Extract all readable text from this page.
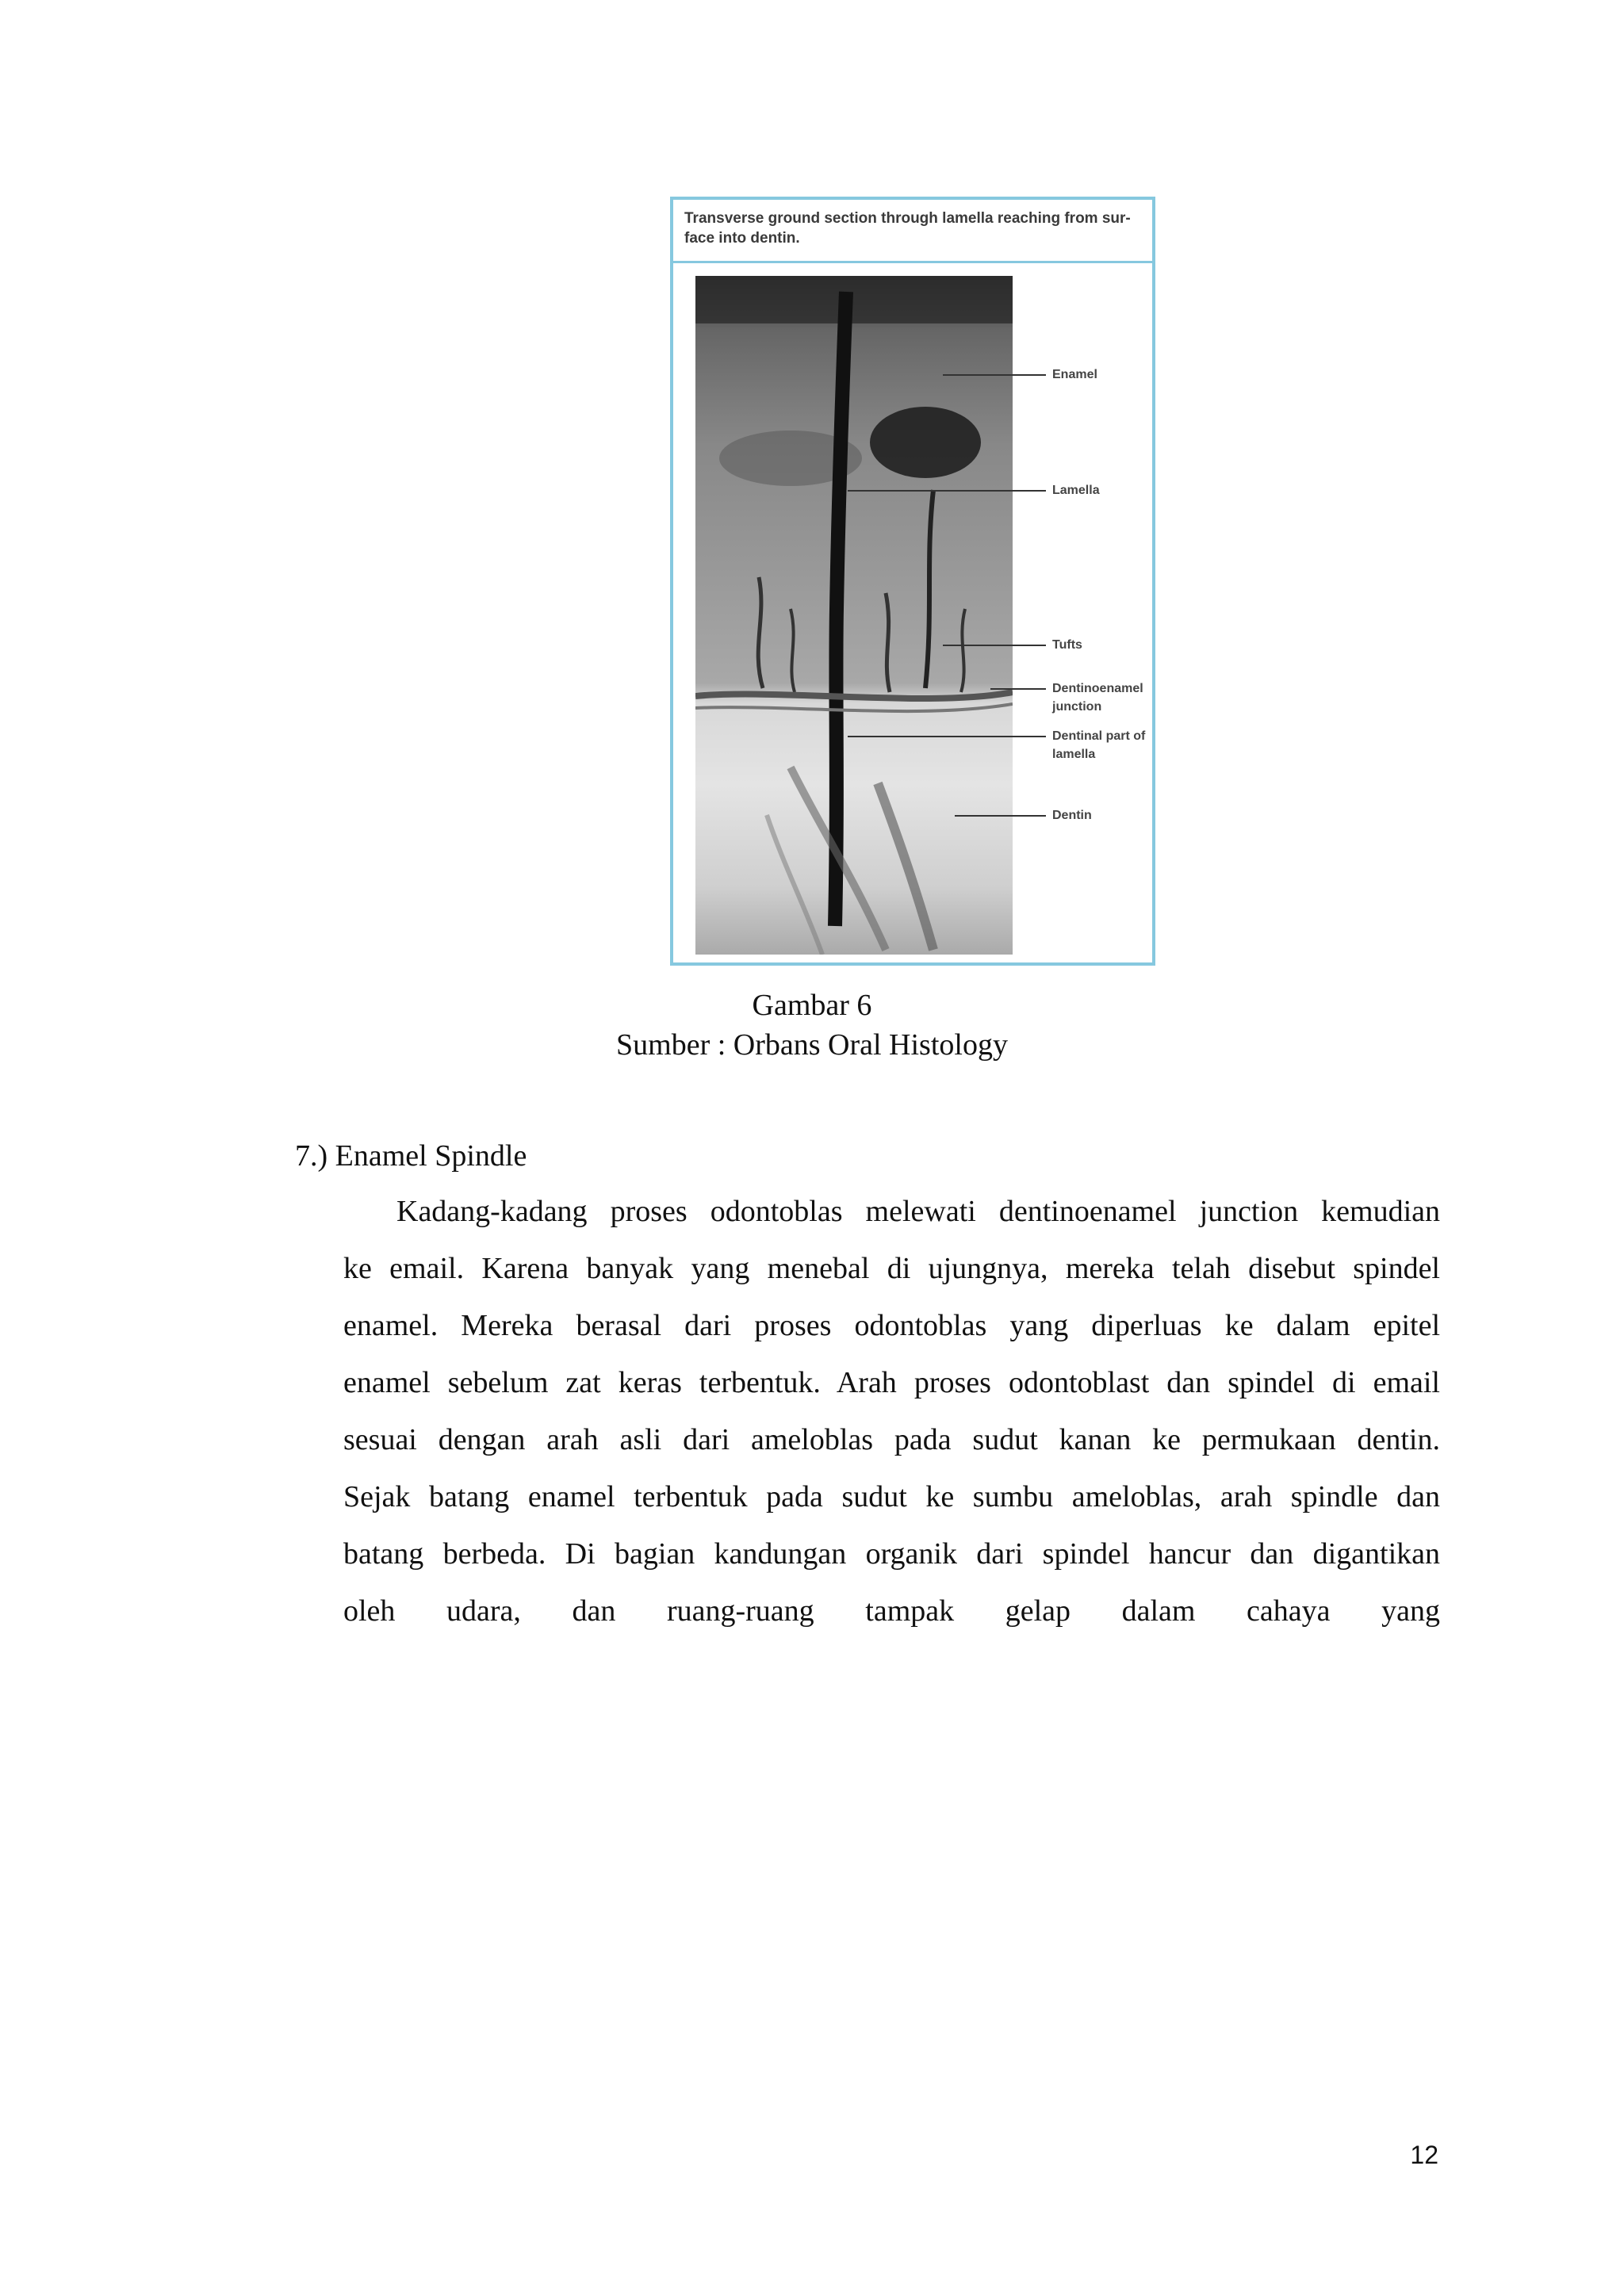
Transverse ground section through lamella reaching from sur-
face into dentin.
Enamel
Lamella
Tufts
Dentinoenamel
junction
Dentinal part of
lamella
Dentin
Gambar 6
Sumber : Orbans Oral Histology
7.) Enamel Spindle
Kadang-kadang proses odontoblas melewati dentinoenamel junction kemudian
ke email. Karena banyak yang menebal di ujungnya, mereka telah disebut spindel
enamel. Mereka berasal dari proses odontoblas yang diperluas ke dalam epitel
enamel sebelum zat keras terbentuk. Arah proses odontoblast dan spindel di email
sesuai dengan arah asli dari ameloblas pada sudut kanan ke permukaan dentin.
Sejak batang enamel terbentuk pada sudut ke sumbu ameloblas, arah spindle dan
batang berbeda. Di bagian kandungan organik dari spindel hancur dan digantikan
oleh udara, dan ruang-ruang tampak gelap dalam cahaya yang
12
